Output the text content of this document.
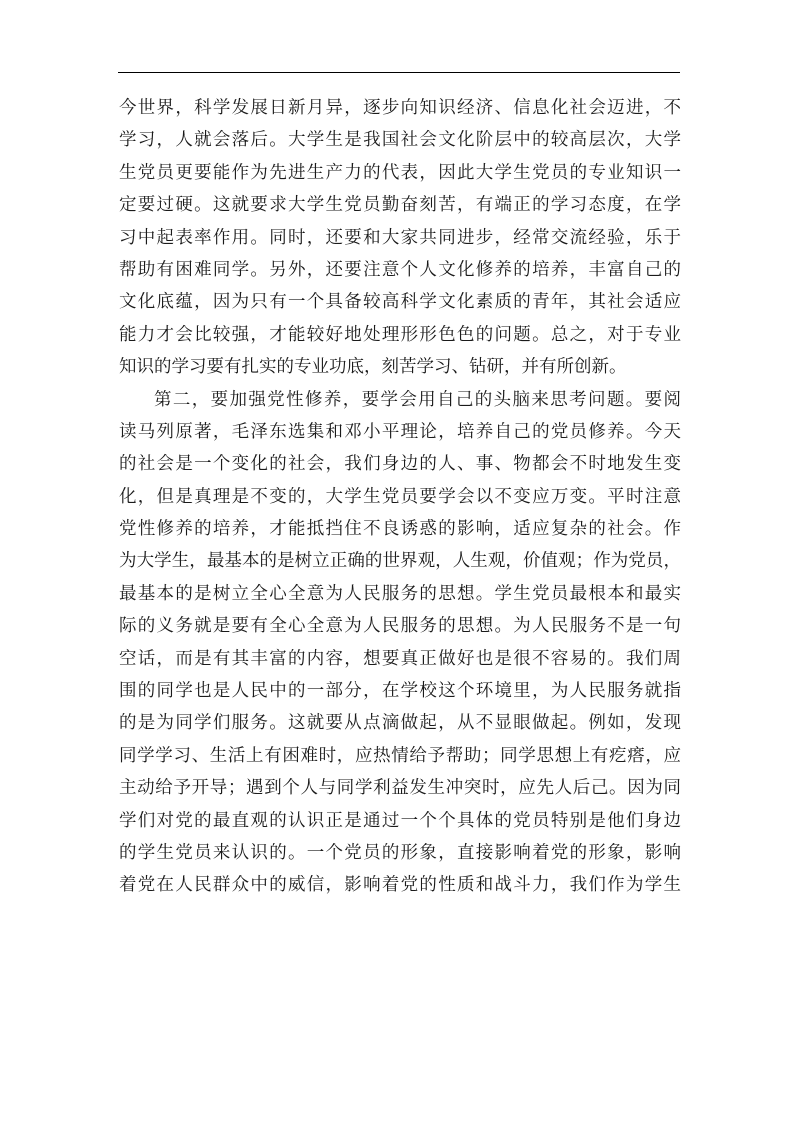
今世界，科学发展日新月异，逐步向知识经济、信息化社会迈进，不
学习，人就会落后。大学生是我国社会文化阶层中的较高层次，大学
生党员更要能作为先进生产力的代表，因此大学生党员的专业知识一
定要过硬。这就要求大学生党员勤奋刻苦，有端正的学习态度，在学
习中起表率作用。同时，还要和大家共同进步，经常交流经验，乐于
帮助有困难同学。另外，还要注意个人文化修养的培养，丰富自己的
文化底蕴，因为只有一个具备较高科学文化素质的青年，其社会适应
能力才会比较强，才能较好地处理形形色色的问题。总之，对于专业
知识的学习要有扎实的专业功底，刻苦学习、钻研，并有所创新。
第二，要加强党性修养，要学会用自己的头脑来思考问题。要阅
读马列原著，毛泽东选集和邓小平理论，培养自己的党员修养。今天
的社会是一个变化的社会，我们身边的人、事、物都会不时地发生变
化，但是真理是不变的，大学生党员要学会以不变应万变。平时注意
党性修养的培养，才能抵挡住不良诱惑的影响，适应复杂的社会。作
为大学生，最基本的是树立正确的世界观，人生观，价值观；作为党员，
最基本的是树立全心全意为人民服务的思想。学生党员最根本和最实
际的义务就是要有全心全意为人民服务的思想。为人民服务不是一句
空话，而是有其丰富的内容，想要真正做好也是很不容易的。我们周
围的同学也是人民中的一部分，在学校这个环境里，为人民服务就指
的是为同学们服务。这就要从点滴做起，从不显眼做起。例如，发现
同学学习、生活上有困难时，应热情给予帮助；同学思想上有疙瘩，应
主动给予开导；遇到个人与同学利益发生冲突时，应先人后己。因为同
学们对党的最直观的认识正是通过一个个具体的党员特别是他们身边
的学生党员来认识的。一个党员的形象，直接影响着党的形象，影响
着党在人民群众中的威信，影响着党的性质和战斗力，我们作为学生
